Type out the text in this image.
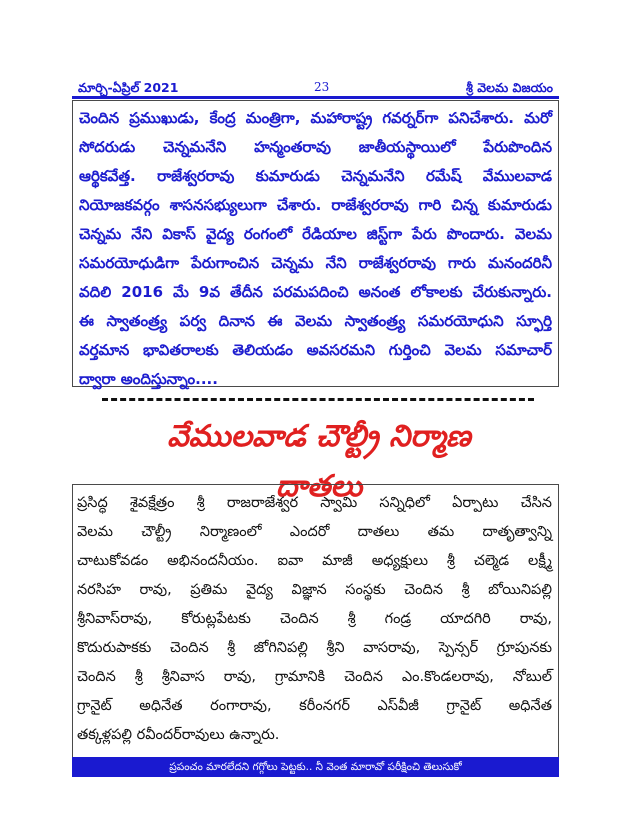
మార్చి-ఏప్రిల్ 2021	23	శ్రీ వెలమ విజయం

చెందిన ప్రముఖుడు, కేంద్ర మంత్రిగా, మహారాష్ట్ర గవర్నర్‌గా పనిచేశారు. మరో
సోదరుడు చెన్నమనేని హన్మంతరావు జాతీయస్థాయిలో పేరుపొందిన
ఆర్థికవేత్త. రాజేశ్వరరావు కుమారుడు చెన్నమనేని రమేష్ వేములవాడ
నియోజకవర్గం శాసనసభ్యులుగా చేశారు. రాజేశ్వరరావు గారి చిన్న కుమారుడు
చెన్నమ నేని వికాస్ వైద్య రంగంలో రేడియాల జిస్ట్‌గా పేరు పొందారు. వెలమ
సమరయోధుడిగా పేరుగాంచిన చెన్నమ నేని రాజేశ్వరరావు గారు మనందరినీ
వదిలి 2016 మే 9వ తేదీన పరమపదించి అనంత లోకాలకు చేరుకున్నారు.
ఈ స్వాతంత్ర్య పర్వ దినాన ఈ వెలమ స్వాతంత్ర్య సమరయోధుని స్ఫూర్తి
వర్తమాన భావితరాలకు తెలియడం అవసరమని గుర్తించి వెలమ సమాచార్
ద్వారా అందిస్తున్నాం....

వేములవాడ చౌల్ట్రీ నిర్మాణ దాతలు

ప్రసిద్ధ శైవక్షేత్రం శ్రీ రాజరాజేశ్వర స్వామి సన్నిధిలో ఏర్పాటు చేసిన
వెలమ చౌల్ట్రీ నిర్మాణంలో ఎందరో దాతలు తమ దాతృత్వాన్ని
చాటుకోవడం అభినందనీయం. ఐవా మాజీ అధ్యక్షులు శ్రీ చల్మెడ లక్ష్మీ
నరసిహ రావు, ప్రతిమ వైద్య విజ్ఞాన సంస్థకు చెందిన శ్రీ బోయినిపల్లి
శ్రీనివాస్‌రావు, కోరుట్లపేటకు చెందిన శ్రీ గండ్ర యాదగిరి రావు,
కొదురుపాకకు చెందిన శ్రీ జోగినిపల్లి శ్రీని వాసరావు, స్పెన్సర్ గ్రూపునకు
చెందిన శ్రీ శ్రీనివాస రావు, గ్రామానికి చెందిన ఎం.కొండలరావు, నోబుల్
గ్రానైట్ అధినేత రంగారావు, కరీంనగర్ ఎస్‌వీజీ గ్రానైట్ అధినేత
తక్కళ్లపల్లి రవీందర్‌రావులు ఉన్నారు.

ప్రపంచం మారలేదని గగ్గోలు పెట్టకు.. నీ వెంత మారావో పరీక్షించి తెలుసుకో
